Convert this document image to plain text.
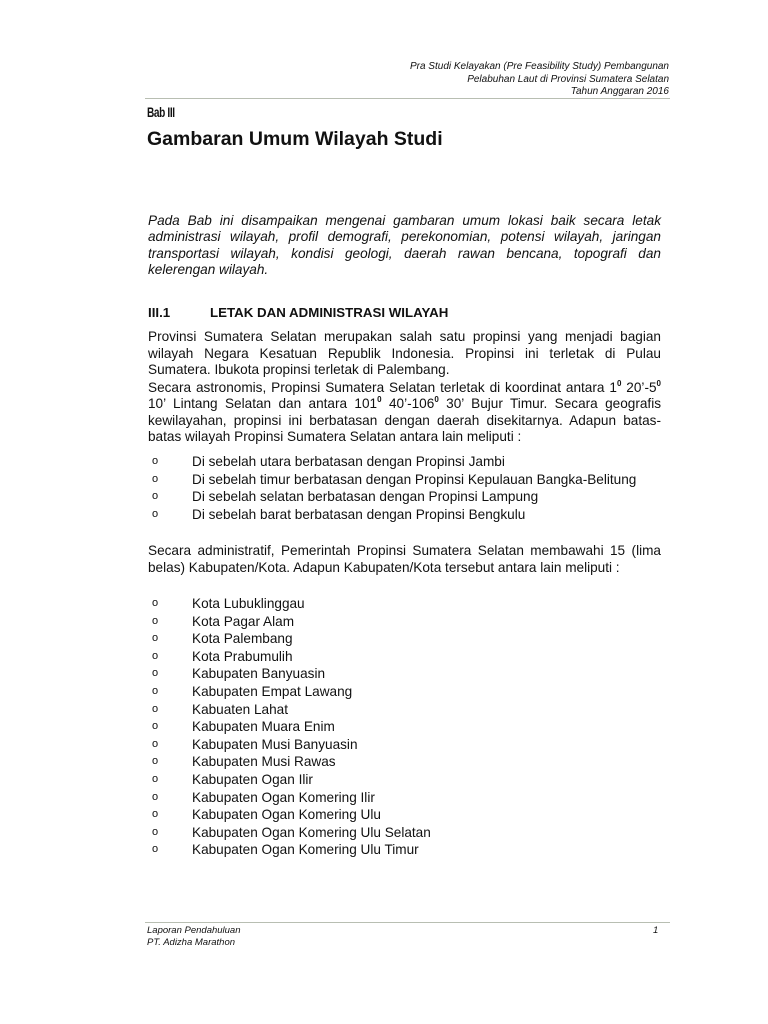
Pra Studi Kelayakan (Pre Feasibility Study) Pembangunan
Pelabuhan Laut di Provinsi Sumatera Selatan
Tahun Anggaran 2016
Bab III
Gambaran Umum Wilayah Studi
Pada Bab ini disampaikan mengenai gambaran umum lokasi baik secara letak administrasi wilayah, profil demografi, perekonomian, potensi wilayah, jaringan transportasi wilayah, kondisi geologi, daerah rawan bencana, topografi dan kelerengan wilayah.
III.1	LETAK DAN ADMINISTRASI WILAYAH
Provinsi Sumatera Selatan merupakan salah satu propinsi yang menjadi bagian wilayah Negara Kesatuan Republik Indonesia. Propinsi ini terletak di Pulau Sumatera. Ibukota propinsi terletak di Palembang.
Secara astronomis, Propinsi Sumatera Selatan terletak di koordinat antara $1^0$ $20’-5^0$ 10’ Lintang Selatan dan antara $101^0$ $40’-106^0$ 30’ Bujur Timur. Secara geografis kewilayahan, propinsi ini berbatasan dengan daerah disekitarnya. Adapun batas-batas wilayah Propinsi Sumatera Selatan antara lain meliputi :
o	Di sebelah utara berbatasan dengan Propinsi Jambi
o	Di sebelah timur berbatasan dengan Propinsi Kepulauan Bangka-Belitung
o	Di sebelah selatan berbatasan dengan Propinsi Lampung
o	Di sebelah barat berbatasan dengan Propinsi Bengkulu
Secara administratif, Pemerintah Propinsi Sumatera Selatan membawahi 15 (lima belas) Kabupaten/Kota. Adapun Kabupaten/Kota tersebut antara lain meliputi :
o	Kota Lubuklinggau
o	Kota Pagar Alam
o	Kota Palembang
o	Kota Prabumulih
o	Kabupaten Banyuasin
o	Kabupaten Empat Lawang
o	Kabuaten Lahat
o	Kabupaten Muara Enim
o	Kabupaten Musi Banyuasin
o	Kabupaten Musi Rawas
o	Kabupaten Ogan Ilir
o	Kabupaten Ogan Komering Ilir
o	Kabupaten Ogan Komering Ulu
o	Kabupaten Ogan Komering Ulu Selatan
o	Kabupaten Ogan Komering Ulu Timur
Laporan Pendahuluan
PT. Adizha Marathon
1
